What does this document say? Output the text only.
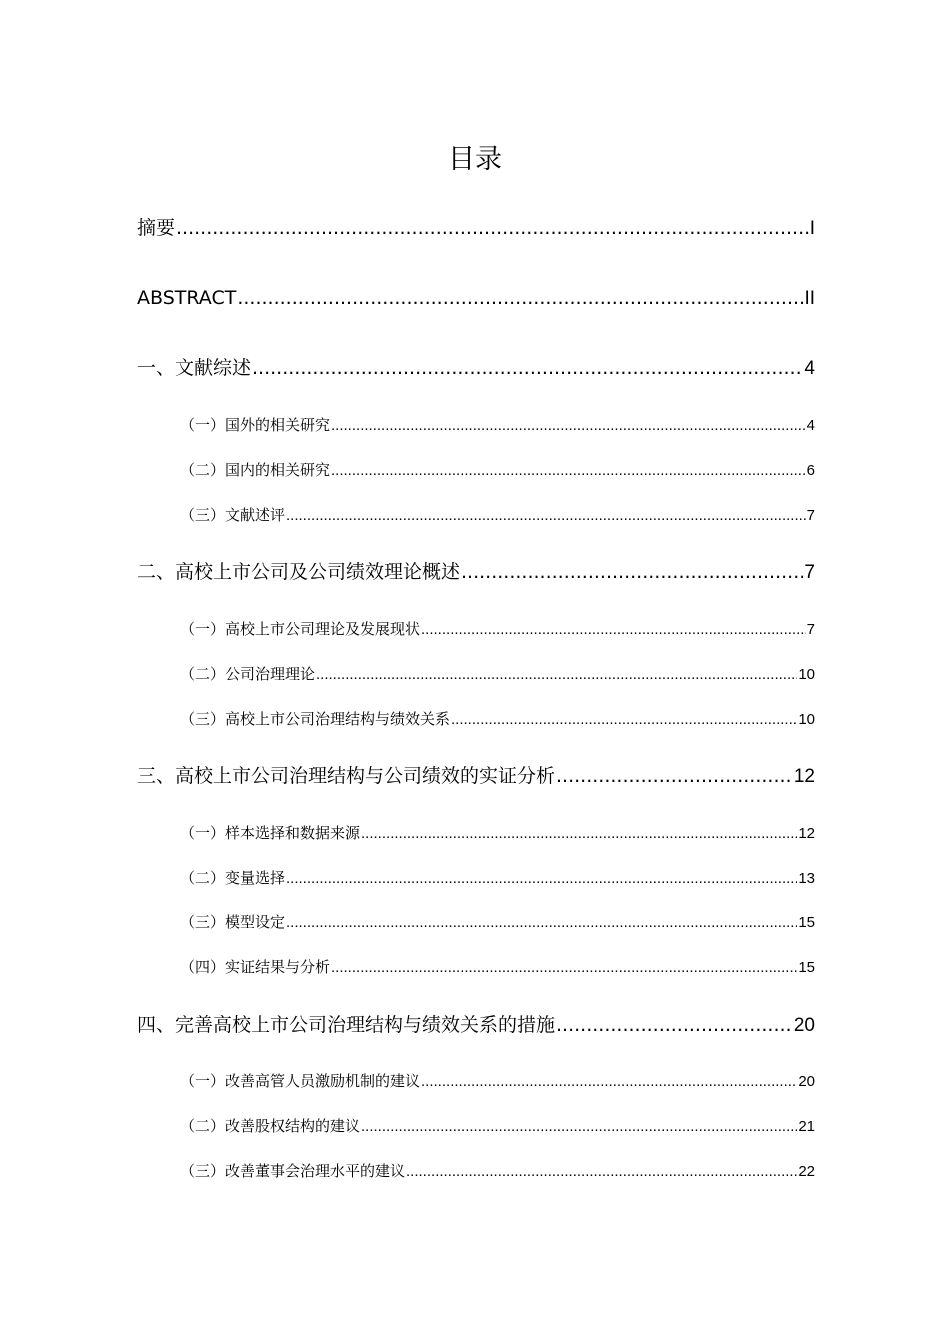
目录
摘要 .....	I
ABSTRACT .....	II
一、文献综述 .....	4
（一）国外的相关研究 .....	4
（二）国内的相关研究 .....	6
（三）文献述评 .....	7
二、高校上市公司及公司绩效理论概述 .....	7
（一）高校上市公司理论及发展现状 .....	7
（二）公司治理理论 .....	10
（三）高校上市公司治理结构与绩效关系 .....	10
三、高校上市公司治理结构与公司绩效的实证分析 .....	12
（一）样本选择和数据来源 .....	12
（二）变量选择 .....	13
（三）模型设定 .....	15
（四）实证结果与分析 .....	15
四、完善高校上市公司治理结构与绩效关系的措施 .....	20
（一）改善高管人员激励机制的建议 .....	20
（二）改善股权结构的建议 .....	21
（三）改善董事会治理水平的建议 .....	22
